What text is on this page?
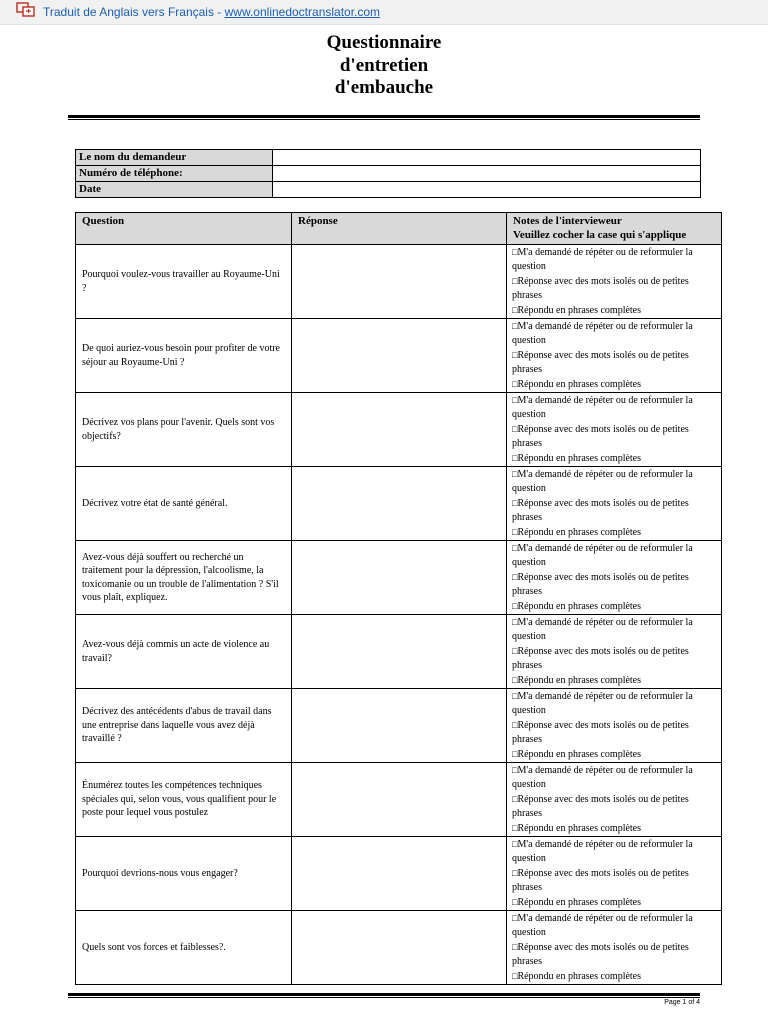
Traduit de Anglais vers Français - www.onlinedoctranslator.com
Questionnaire
d'entretien
d'embauche
Le nom du demandeur	
Numéro de téléphone:	
Date	
Question	Réponse	Notes de l'intervieweur
Veuillez cocher la case qui s'applique

Pourquoi voulez-vous travailler au Royaume-Uni ?		□M'a demandé de répéter ou de reformuler la question
□Réponse avec des mots isolés ou de petites phrases
□Répondu en phrases complètes

De quoi auriez-vous besoin pour profiter de votre séjour au Royaume-Uni ?		□M'a demandé de répéter ou de reformuler la question
□Réponse avec des mots isolés ou de petites phrases
□Répondu en phrases complètes

Décrivez vos plans pour l'avenir. Quels sont vos objectifs?		□M'a demandé de répéter ou de reformuler la question
□Réponse avec des mots isolés ou de petites phrases
□Répondu en phrases complètes

Décrivez votre état de santé général.		□M'a demandé de répéter ou de reformuler la question
□Réponse avec des mots isolés ou de petites phrases
□Répondu en phrases complètes

Avez-vous déjà souffert ou recherché un traitement pour la dépression, l'alcoolisme, la toxicomanie ou un trouble de l'alimentation ? S'il vous plaît, expliquez.		□M'a demandé de répéter ou de reformuler la question
□Réponse avec des mots isolés ou de petites phrases
□Répondu en phrases complètes

Avez-vous déjà commis un acte de violence au travail?		□M'a demandé de répéter ou de reformuler la question
□Réponse avec des mots isolés ou de petites phrases
□Répondu en phrases complètes

Décrivez des antécédents d'abus de travail dans une entreprise dans laquelle vous avez déjà travaillé ?		□M'a demandé de répéter ou de reformuler la question
□Réponse avec des mots isolés ou de petites phrases
□Répondu en phrases complètes

Énumérez toutes les compétences techniques spéciales qui, selon vous, vous qualifient pour le poste pour lequel vous postulez		□M'a demandé de répéter ou de reformuler la question
□Réponse avec des mots isolés ou de petites phrases
□Répondu en phrases complètes

Pourquoi devrions-nous vous engager?		□M'a demandé de répéter ou de reformuler la question
□Réponse avec des mots isolés ou de petites phrases
□Répondu en phrases complètes

Quels sont vos forces et faiblesses?.		□M'a demandé de répéter ou de reformuler la question
□Réponse avec des mots isolés ou de petites phrases
□Répondu en phrases complètes
Page 1 of 4
